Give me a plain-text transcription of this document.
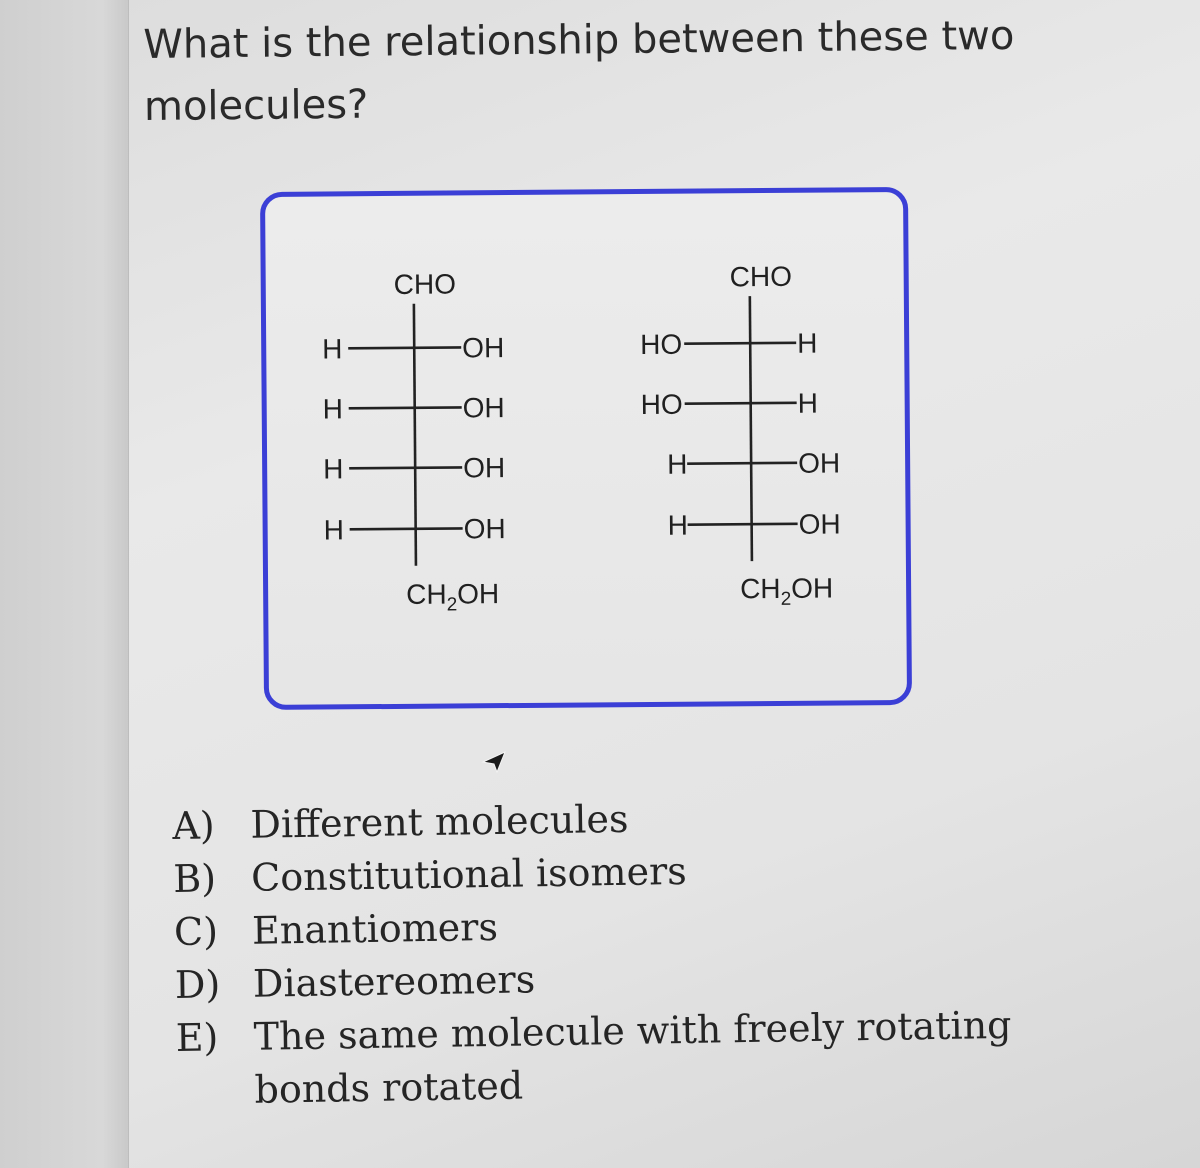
What is the relationship between these two molecules?
CHO
H	OH
H	OH
H	OH
H	OH
CH2OH
CHO
HO	H
HO	H
H	OH
H	OH
CH2OH
A) Different molecules
B) Constitutional isomers
C) Enantiomers
D) Diastereomers
E) The same molecule with freely rotating bonds rotated
